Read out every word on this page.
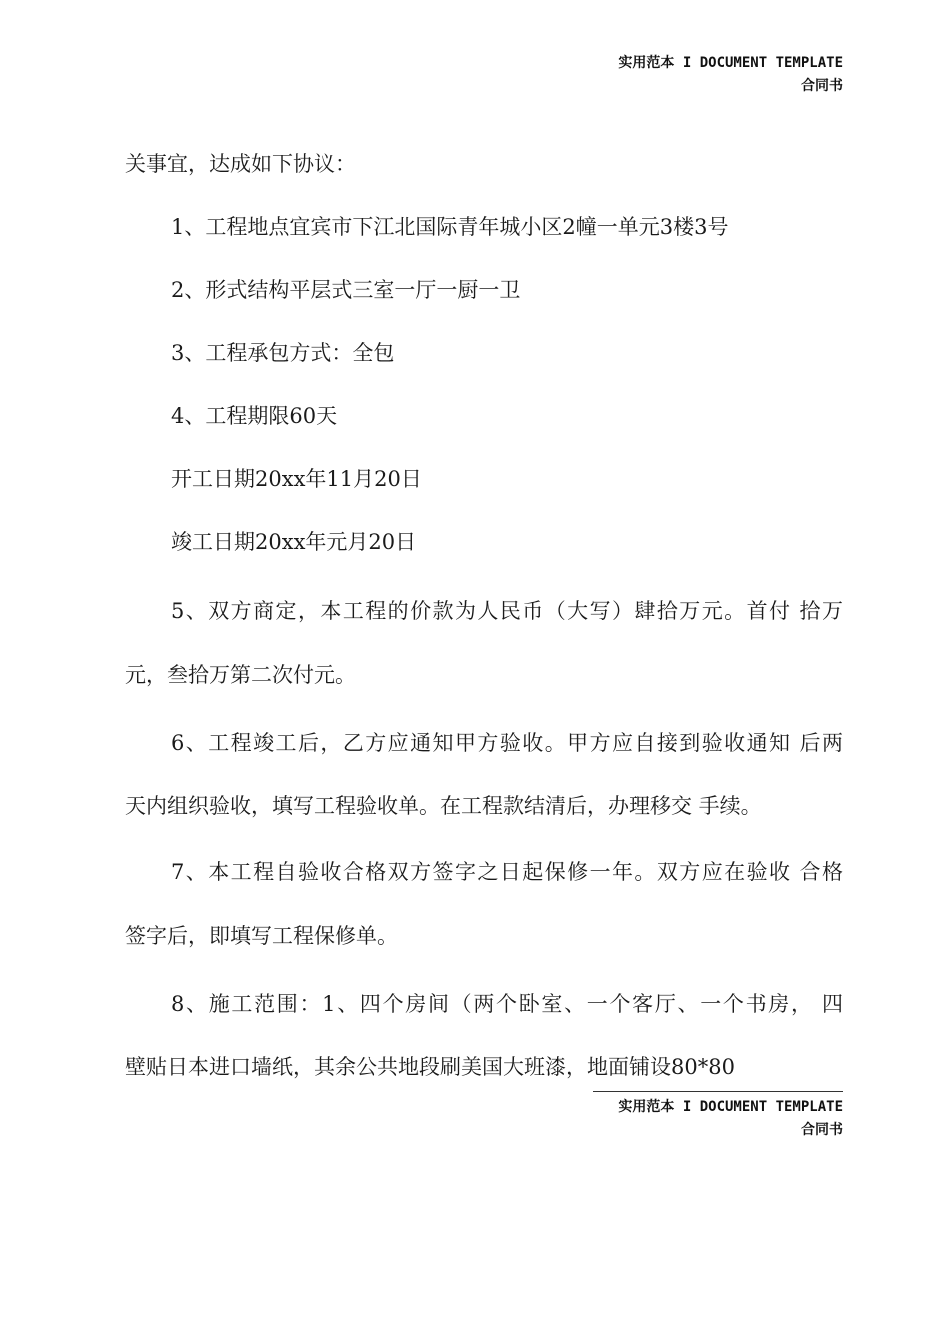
实用范本 I DOCUMENT TEMPLATE
合同书
关事宜，达成如下协议：
1、工程地点宜宾市下江北国际青年城小区2幢一单元3楼3号
2、形式结构平层式三室一厅一厨一卫
3、工程承包方式：全包
4、工程期限60天
开工日期20xx年11月20日
竣工日期20xx年元月20日
5、双方商定，本工程的价款为人民币（大写）肆拾万元。首付 拾万
元，叁拾万第二次付元。
6、工程竣工后，乙方应通知甲方验收。甲方应自接到验收通知 后两
天内组织验收，填写工程验收单。在工程款结清后，办理移交 手续。
7、本工程自验收合格双方签字之日起保修一年。双方应在验收 合格
签字后，即填写工程保修单。
8、施工范围：1、四个房间（两个卧室、一个客厅、一个书房， 四
壁贴日本进口墙纸，其余公共地段刷美国大班漆，地面铺设80*80
实用范本 I DOCUMENT TEMPLATE
合同书
